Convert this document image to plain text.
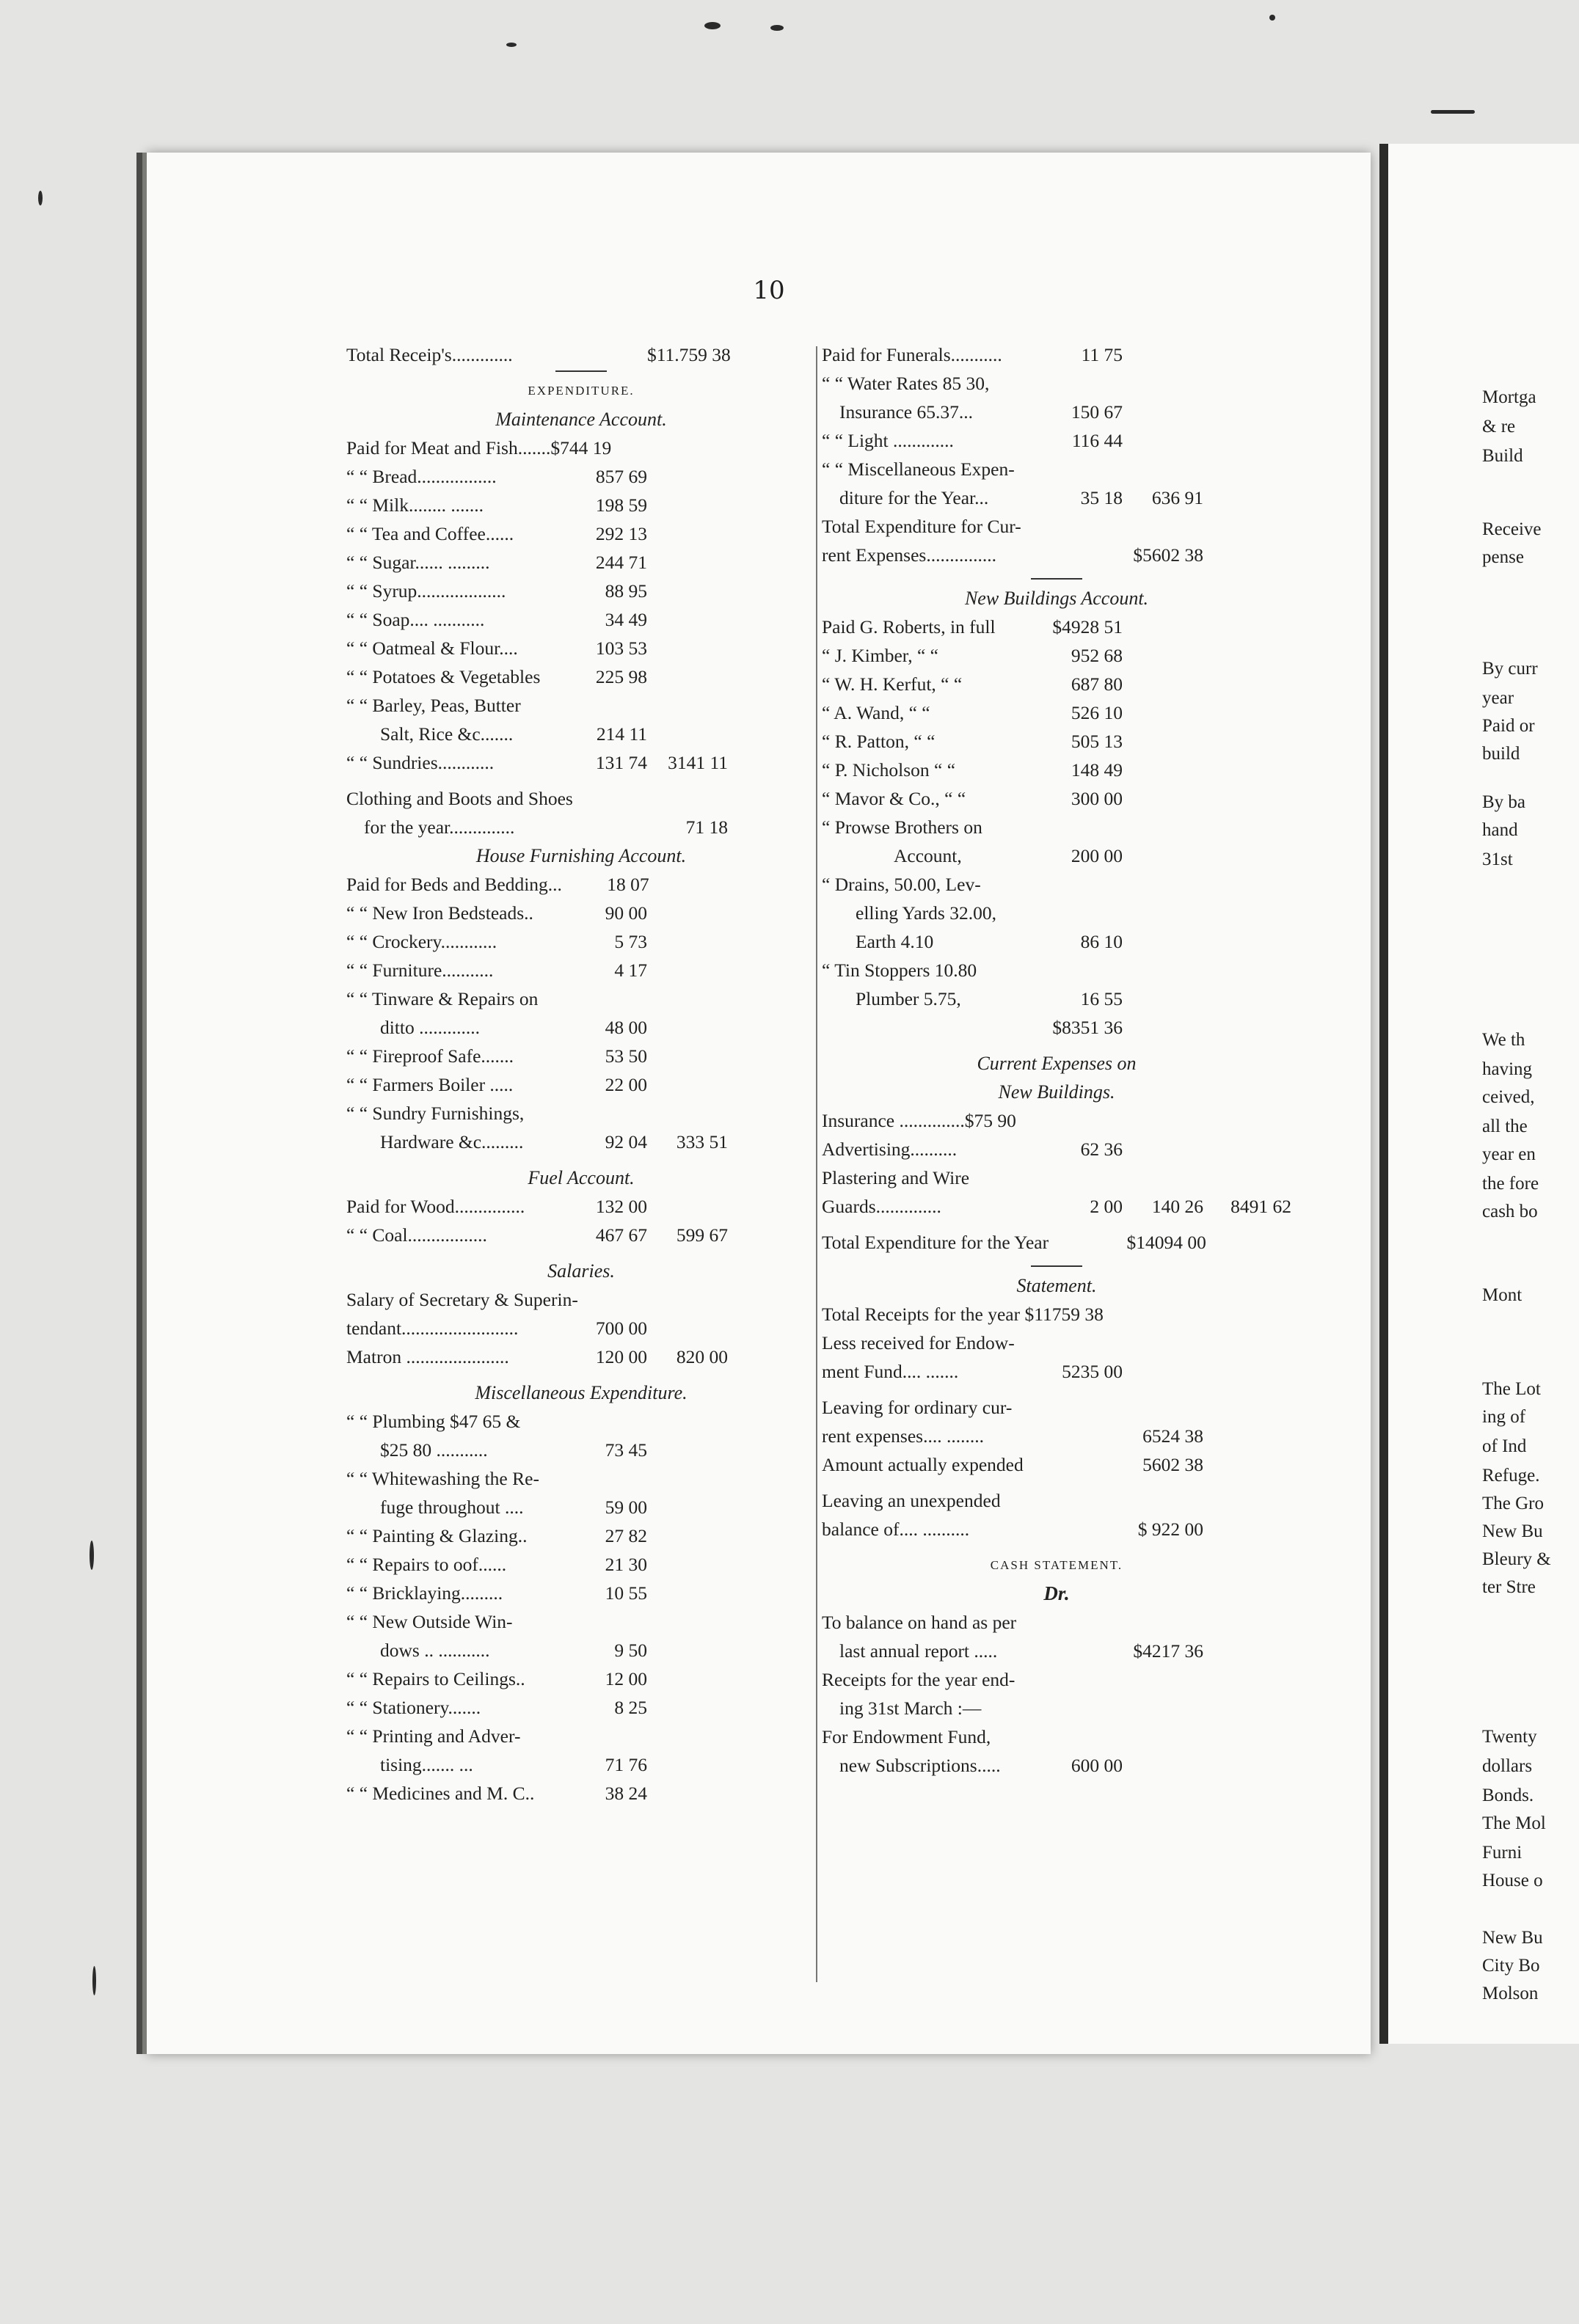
10
Total Receip's.............	$11.759 38
EXPENDITURE.
Maintenance Account.
Paid for Meat and Fish.......$744 19
“ “ Bread.................	857 69
“ “ Milk........ .......	198 59
“ “ Tea and Coffee......	292 13
“ “ Sugar...... .........	244 71
“ “ Syrup...................	88 95
“ “ Soap.... ...........	34 49
“ “ Oatmeal & Flour....	103 53
“ “ Potatoes & Vegetables	225 98
“ “ Barley, Peas, Butter
Salt, Rice &c.......	214 11
“ “ Sundries............	131 74	3141 11
Clothing and Boots and Shoes
for the year..............	71 18
House Furnishing Account.
Paid for Beds and Bedding...	18 07
“ “ New Iron Bedsteads..	90 00
“ “ Crockery............	5 73
“ “ Furniture...........	4 17
“ “ Tinware & Repairs on
ditto .............	48 00
“ “ Fireproof Safe.......	53 50
“ “ Farmers Boiler .....	22 00
“ “ Sundry Furnishings,
Hardware &c.........	92 04	333 51
Fuel Account.
Paid for Wood...............	132 00
“ “ Coal.................	467 67	599 67
Salaries.
Salary of Secretary & Superin-
tendant.........................	700 00
Matron ......................	120 00	820 00
Miscellaneous Expenditure.
“ “ Plumbing $47 65 &
$25 80 ...........	73 45
“ “ Whitewashing the Re-
fuge throughout ....	59 00
“ “ Painting & Glazing..	27 82
“ “ Repairs to oof......	21 30
“ “ Bricklaying.........	10 55
“ “ New Outside Win-
dows .. ...........	9 50
“ “ Repairs to Ceilings..	12 00
“ “ Stationery.......	8 25
“ “ Printing and Adver-
tising....... ...	71 76
“ “ Medicines and M. C..	38 24
Paid for Funerals...........	11 75
“ “ Water Rates 85 30,
Insurance 65.37...	150 67
“ “ Light .............	116 44
“ “ Miscellaneous Expen-
diture for the Year...	35 18	636 91
Total Expenditure for Cur-
rent Expenses...............	$5602 38
New Buildings Account.
Paid G. Roberts, in full	$4928 51
“ J. Kimber, “ “	952 68
“ W. H. Kerfut, “ “	687 80
“ A. Wand, “ “	526 10
“ R. Patton, “ “	505 13
“ P. Nicholson “ “	148 49
“ Mavor & Co., “ “	300 00
“ Prowse Brothers on
Account,	200 00
“ Drains, 50.00, Lev-
elling Yards 32.00,
Earth 4.10	86 10
“ Tin Stoppers 10.80
Plumber 5.75,	16 55
$8351 36
Current Expenses on
New Buildings.
Insurance ..............$75 90
Advertising..........	62 36
Plastering and Wire
Guards..............	2 00	140 26	8491 62
Total Expenditure for the Year	$14094 00
Statement.
Total Receipts for the year $11759 38
Less received for Endow-
ment Fund.... .......	5235 00
Leaving for ordinary cur-
rent expenses.... ........	6524 38
Amount actually expended	5602 38
Leaving an unexpended
balance of.... ..........	$ 922 00
CASH STATEMENT.
Dr.
To balance on hand as per
last annual report .....	$4217 36
Receipts for the year end-
ing 31st March :—
For Endowment Fund,
new Subscriptions.....	600 00
Mortga
& re
Build
Receive
pense
By curr
year
Paid or
build
By ba
hand
31st
We th
having
ceived,
all the
year en
the fore
cash bo
Mont
The Lot
ing of
of Ind
Refuge.
The Gro
New Bu
Bleury &
ter Stre
Twenty
dollars
Bonds.
The Mol
Furni
House o
New Bu
City Bo
Molson
